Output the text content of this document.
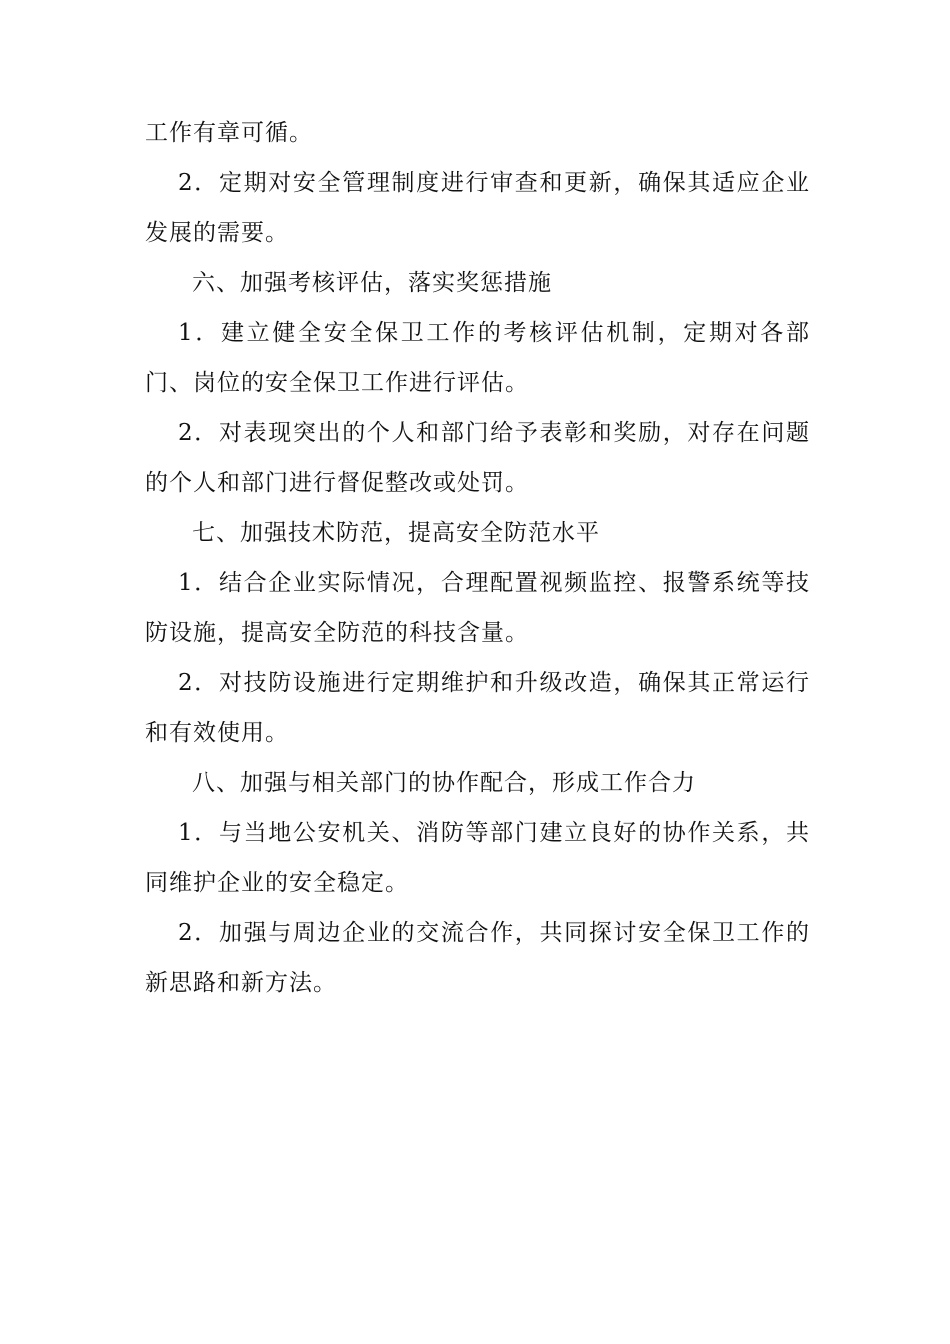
工作有章可循。

2．定期对安全管理制度进行审查和更新，确保其适应企业发展的需要。

六、加强考核评估，落实奖惩措施

1．建立健全安全保卫工作的考核评估机制，定期对各部门、岗位的安全保卫工作进行评估。

2．对表现突出的个人和部门给予表彰和奖励，对存在问题的个人和部门进行督促整改或处罚。

七、加强技术防范，提高安全防范水平

1．结合企业实际情况，合理配置视频监控、报警系统等技防设施，提高安全防范的科技含量。

2．对技防设施进行定期维护和升级改造，确保其正常运行和有效使用。

八、加强与相关部门的协作配合，形成工作合力

1．与当地公安机关、消防等部门建立良好的协作关系，共同维护企业的安全稳定。

2．加强与周边企业的交流合作，共同探讨安全保卫工作的新思路和新方法。
